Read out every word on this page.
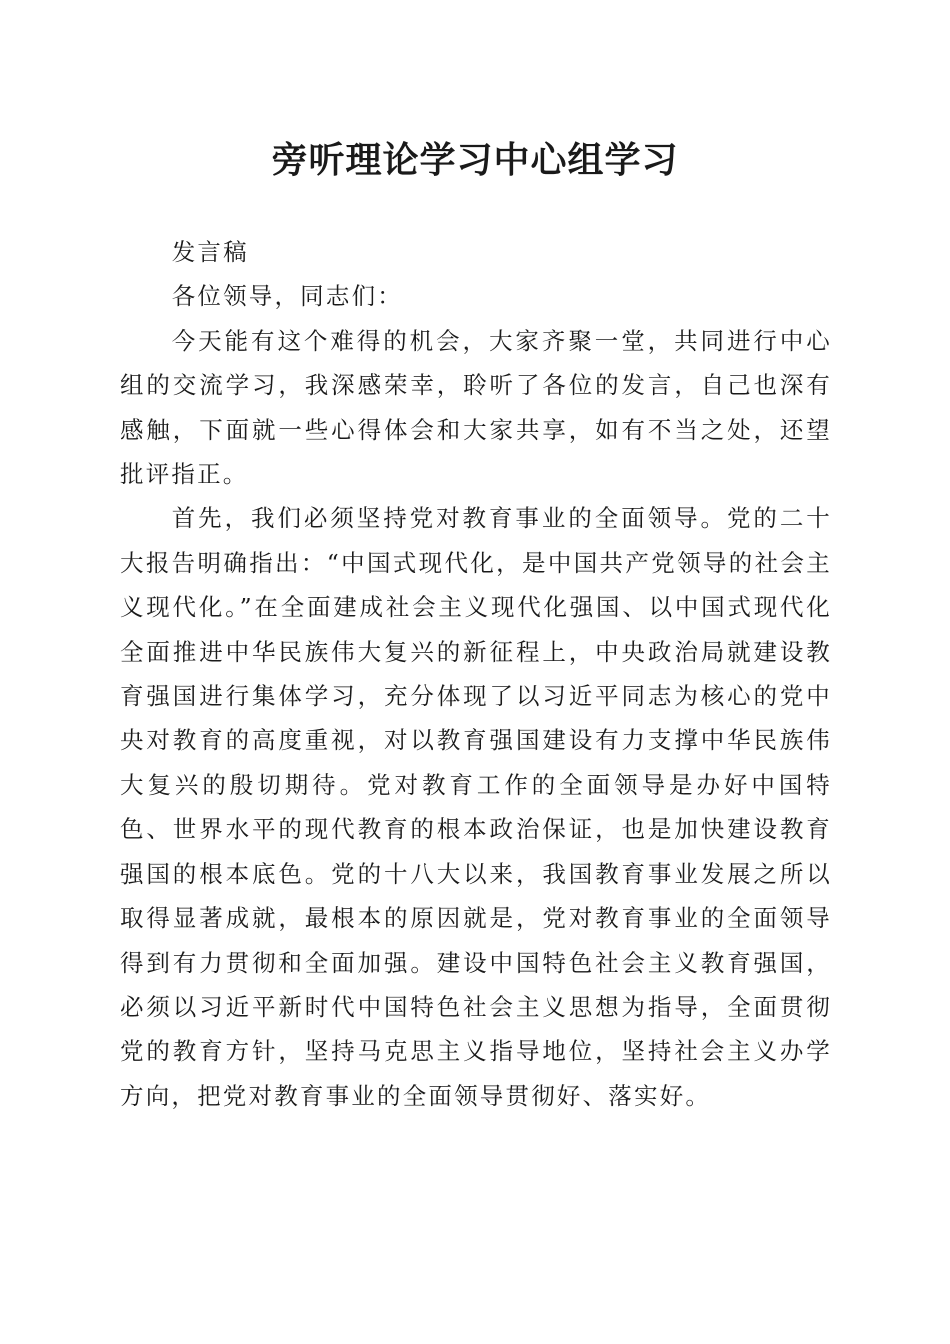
旁听理论学习中心组学习

发言稿

各位领导，同志们：

今天能有这个难得的机会，大家齐聚一堂，共同进行中心组的交流学习，我深感荣幸，聆听了各位的发言，自己也深有感触，下面就一些心得体会和大家共享，如有不当之处，还望批评指正。

首先，我们必须坚持党对教育事业的全面领导。党的二十大报告明确指出：“中国式现代化，是中国共产党领导的社会主义现代化。”在全面建成社会主义现代化强国、以中国式现代化全面推进中华民族伟大复兴的新征程上，中央政治局就建设教育强国进行集体学习，充分体现了以习近平同志为核心的党中央对教育的高度重视，对以教育强国建设有力支撑中华民族伟大复兴的殷切期待。党对教育工作的全面领导是办好中国特色、世界水平的现代教育的根本政治保证，也是加快建设教育强国的根本底色。党的十八大以来，我国教育事业发展之所以取得显著成就，最根本的原因就是，党对教育事业的全面领导得到有力贯彻和全面加强。建设中国特色社会主义教育强国，必须以习近平新时代中国特色社会主义思想为指导，全面贯彻党的教育方针，坚持马克思主义指导地位，坚持社会主义办学方向，把党对教育事业的全面领导贯彻好、落实好。
